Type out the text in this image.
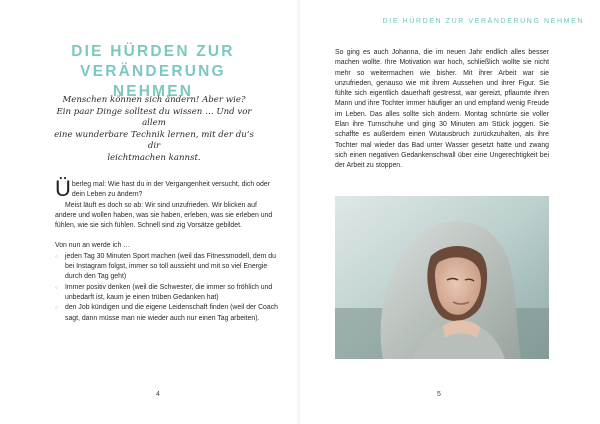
DIE HÜRDEN ZUR
VERÄNDERUNG NEHMEN
Menschen können sich ändern! Aber wie?
Ein paar Dinge solltest du wissen … Und vor allem
eine wunderbare Technik lernen, mit der du’s dir
leichtmachen kannst.

Überleg mal: Wie hast du in der Vergangenheit versucht, dich oder dein Leben zu ändern?

Meist läuft es doch so ab: Wir sind unzufrieden. Wir blicken auf andere und wollen haben, was sie haben, erleben, was sie erleben und fühlen, wie sie sich fühlen. Schnell sind zig Vorsätze gebildet.

Von nun an werde ich …

◦ jeden Tag 30 Minuten Sport machen (weil das Fitnessmodell, dem du bei Instagram folgst, immer so toll aussieht und mit so viel Energie durch den Tag geht)
◦ Immer positiv denken (weil die Schwester, die immer so fröhlich und unbedarft ist, kaum je einen trüben Gedanken hat)
◦ den Job kündigen und die eigene Leidenschaft finden (weil der Coach sagt, dann müsse man nie wieder auch nur einen Tag arbeiten).
4
DIE HÜRDEN ZUR VERÄNDERUNG NEHMEN

So ging es auch Johanna, die im neuen Jahr endlich alles besser machen wollte. Ihre Motivation war hoch, schließlich wollte sie nicht mehr so weitermachen wie bisher. Mit ihrer Arbeit war sie unzufrieden, genauso wie mit ihrem Aussehen und ihrer Figur. Sie fühlte sich eigentlich dauerhaft gestresst, war gereizt, pflaumte ihren Mann und ihre Tochter immer häufiger an und empfand wenig Freude im Leben. Das alles sollte sich ändern. Montag schnürte sie voller Elan ihre Turnschuhe und ging 30 Minuten am Stück joggen. Sie schaffte es außerdem einen Wutausbruch zurückzuhalten, als ihre Tochter mal wieder das Bad unter Wasser gesetzt hatte und zwang sich einen negativen Gedankenschwall über eine Ungerechtigkeit bei der Arbeit zu stoppen.

5
